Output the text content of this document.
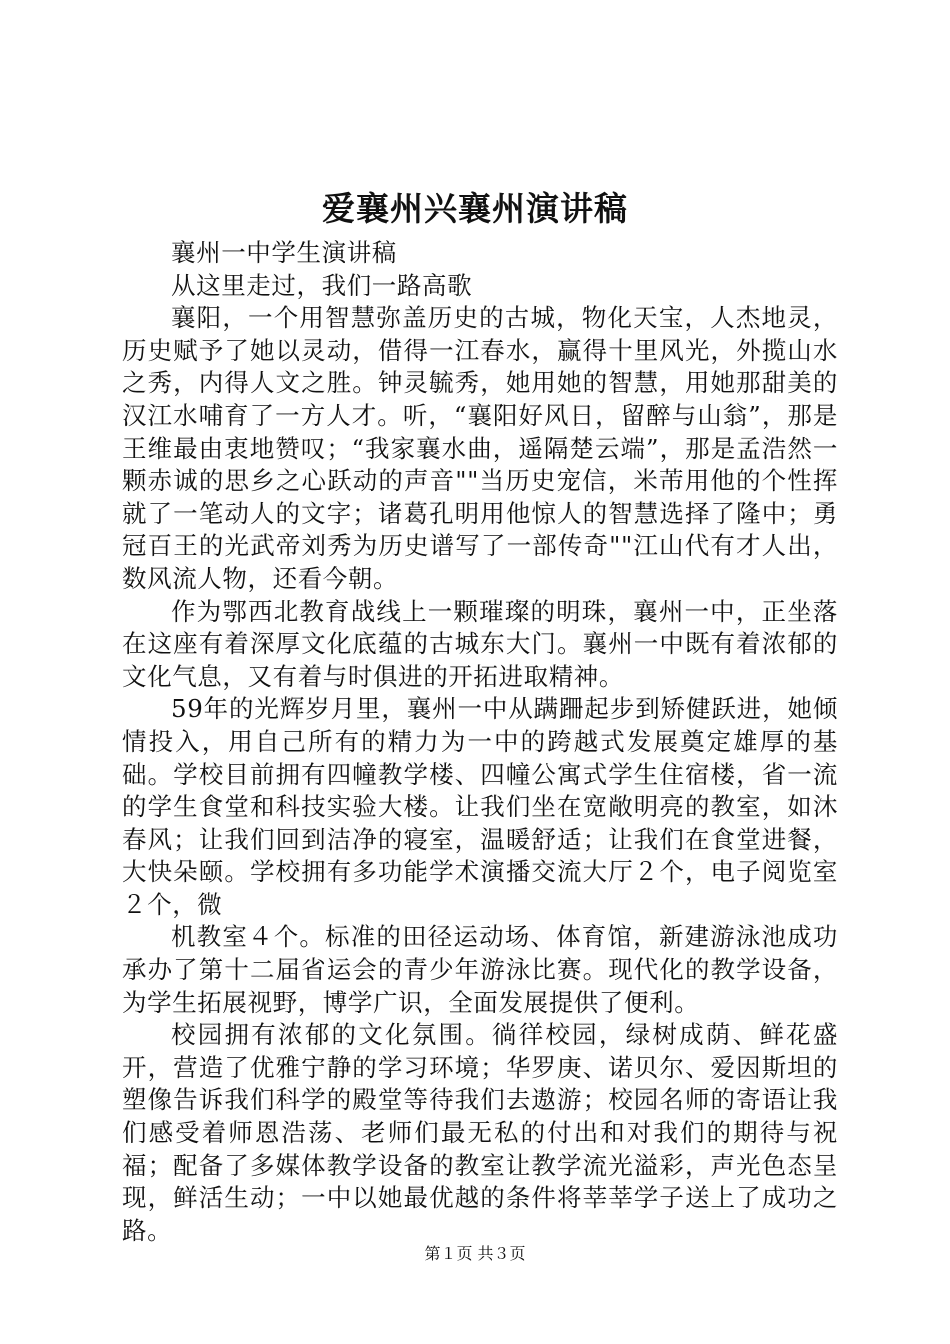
爱襄州兴襄州演讲稿

襄州一中学生演讲稿

从这里走过，我们一路高歌

襄阳，一个用智慧弥盖历史的古城，物化天宝，人杰地灵，历史赋予了她以灵动，借得一江春水，赢得十里风光，外揽山水之秀，内得人文之胜。钟灵毓秀，她用她的智慧，用她那甜美的汉江水哺育了一方人才。听，“襄阳好风日，留醉与山翁”，那是王维最由衷地赞叹；“我家襄水曲，遥隔楚云端”，那是孟浩然一颗赤诚的思乡之心跃动的声音""当历史宠信，米芾用他的个性挥就了一笔动人的文字；诸葛孔明用他惊人的智慧选择了隆中；勇冠百王的光武帝刘秀为历史谱写了一部传奇""江山代有才人出，数风流人物，还看今朝。

作为鄂西北教育战线上一颗璀璨的明珠，襄州一中，正坐落在这座有着深厚文化底蕴的古城东大门。襄州一中既有着浓郁的文化气息，又有着与时俱进的开拓进取精神。

59年的光辉岁月里，襄州一中从蹒跚起步到矫健跃进，她倾情投入，用自己所有的精力为一中的跨越式发展奠定雄厚的基础。学校目前拥有四幢教学楼、四幢公寓式学生住宿楼，省一流的学生食堂和科技实验大楼。让我们坐在宽敞明亮的教室，如沐春风；让我们回到洁净的寝室，温暖舒适；让我们在食堂进餐，大快朵颐。学校拥有多功能学术演播交流大厅２个，电子阅览室２个，微

机教室４个。标准的田径运动场、体育馆，新建游泳池成功承办了第十二届省运会的青少年游泳比赛。现代化的教学设备，为学生拓展视野，博学广识，全面发展提供了便利。

校园拥有浓郁的文化氛围。徜徉校园，绿树成荫、鲜花盛开，营造了优雅宁静的学习环境；华罗庚、诺贝尔、爱因斯坦的塑像告诉我们科学的殿堂等待我们去遨游；校园名师的寄语让我们感受着师恩浩荡、老师们最无私的付出和对我们的期待与祝福；配备了多媒体教学设备的教室让教学流光溢彩，声光色态呈现，鲜活生动；一中以她最优越的条件将莘莘学子送上了成功之路。

第１页 共３页
